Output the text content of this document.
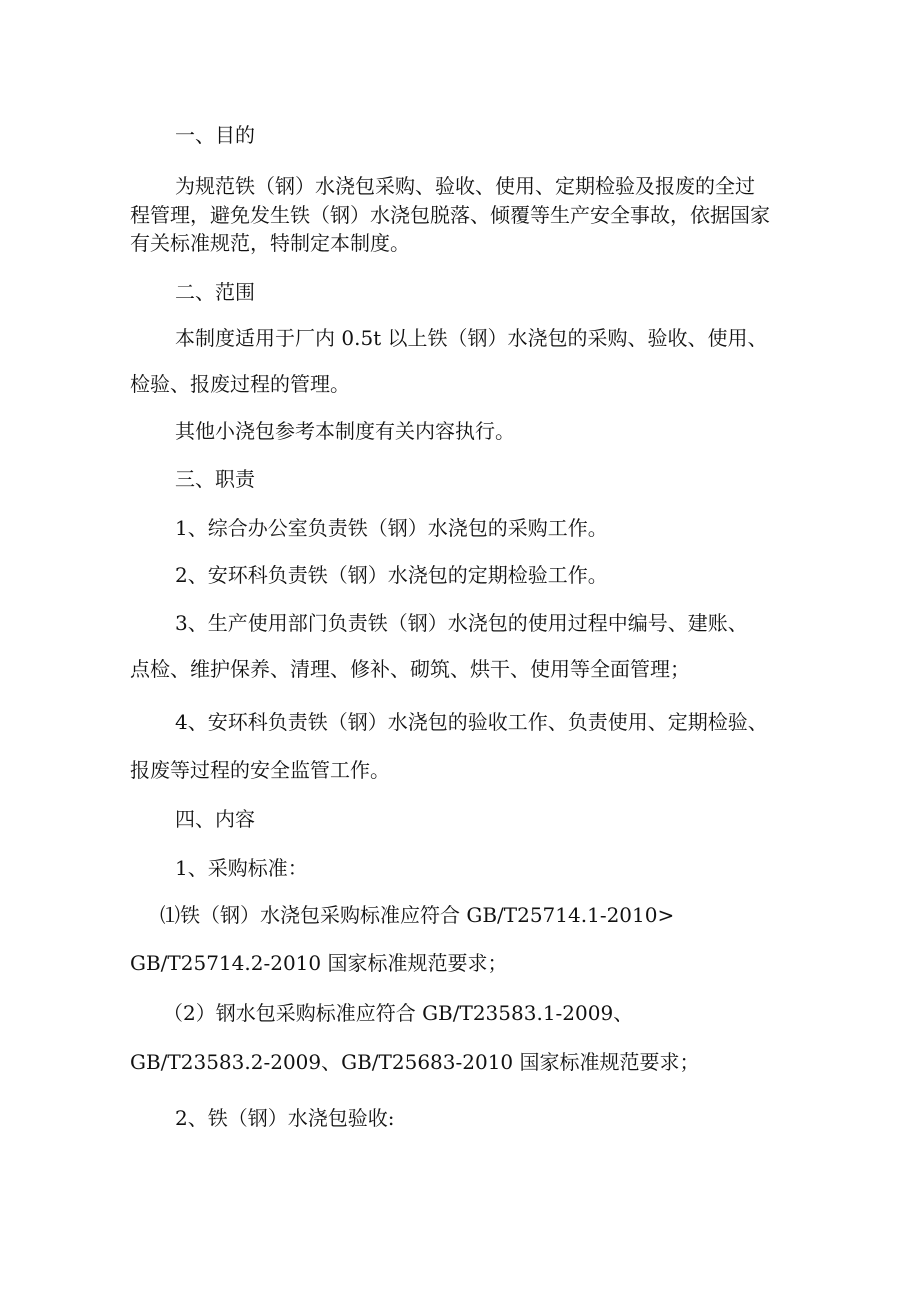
一、目的
为规范铁（钢）水浇包采购、验收、使用、定期检验及报废的全过
程管理，避免发生铁（钢）水浇包脱落、倾覆等生产安全事故，依据国家
有关标准规范，特制定本制度。
二、范围
本制度适用于厂内 0.5t 以上铁（钢）水浇包的采购、验收、使用、
检验、报废过程的管理。
其他小浇包参考本制度有关内容执行。
三、职责
1、综合办公室负责铁（钢）水浇包的采购工作。
2、安环科负责铁（钢）水浇包的定期检验工作。
3、生产使用部门负责铁（钢）水浇包的使用过程中编号、建账、
点检、维护保养、清理、修补、砌筑、烘干、使用等全面管理；
4、安环科负责铁（钢）水浇包的验收工作、负责使用、定期检验、
报废等过程的安全监管工作。
四、内容
1、采购标准：
⑴铁（钢）水浇包采购标准应符合 GB/T25714.1-2010>
GB/T25714.2-2010 国家标准规范要求；
（2）钢水包采购标准应符合 GB/T23583.1-2009、
GB/T23583.2-2009、GB/T25683-2010 国家标准规范要求；
2、铁（钢）水浇包验收:
